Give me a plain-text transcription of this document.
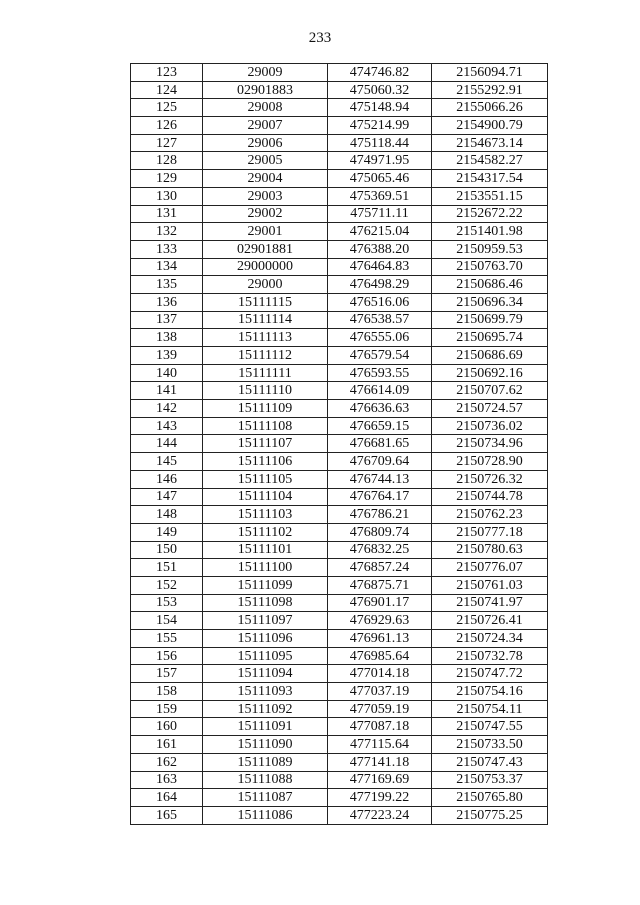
233
123	29009	474746.82	2156094.71
124	02901883	475060.32	2155292.91
125	29008	475148.94	2155066.26
126	29007	475214.99	2154900.79
127	29006	475118.44	2154673.14
128	29005	474971.95	2154582.27
129	29004	475065.46	2154317.54
130	29003	475369.51	2153551.15
131	29002	475711.11	2152672.22
132	29001	476215.04	2151401.98
133	02901881	476388.20	2150959.53
134	29000000	476464.83	2150763.70
135	29000	476498.29	2150686.46
136	15111115	476516.06	2150696.34
137	15111114	476538.57	2150699.79
138	15111113	476555.06	2150695.74
139	15111112	476579.54	2150686.69
140	15111111	476593.55	2150692.16
141	15111110	476614.09	2150707.62
142	15111109	476636.63	2150724.57
143	15111108	476659.15	2150736.02
144	15111107	476681.65	2150734.96
145	15111106	476709.64	2150728.90
146	15111105	476744.13	2150726.32
147	15111104	476764.17	2150744.78
148	15111103	476786.21	2150762.23
149	15111102	476809.74	2150777.18
150	15111101	476832.25	2150780.63
151	15111100	476857.24	2150776.07
152	15111099	476875.71	2150761.03
153	15111098	476901.17	2150741.97
154	15111097	476929.63	2150726.41
155	15111096	476961.13	2150724.34
156	15111095	476985.64	2150732.78
157	15111094	477014.18	2150747.72
158	15111093	477037.19	2150754.16
159	15111092	477059.19	2150754.11
160	15111091	477087.18	2150747.55
161	15111090	477115.64	2150733.50
162	15111089	477141.18	2150747.43
163	15111088	477169.69	2150753.37
164	15111087	477199.22	2150765.80
165	15111086	477223.24	2150775.25
